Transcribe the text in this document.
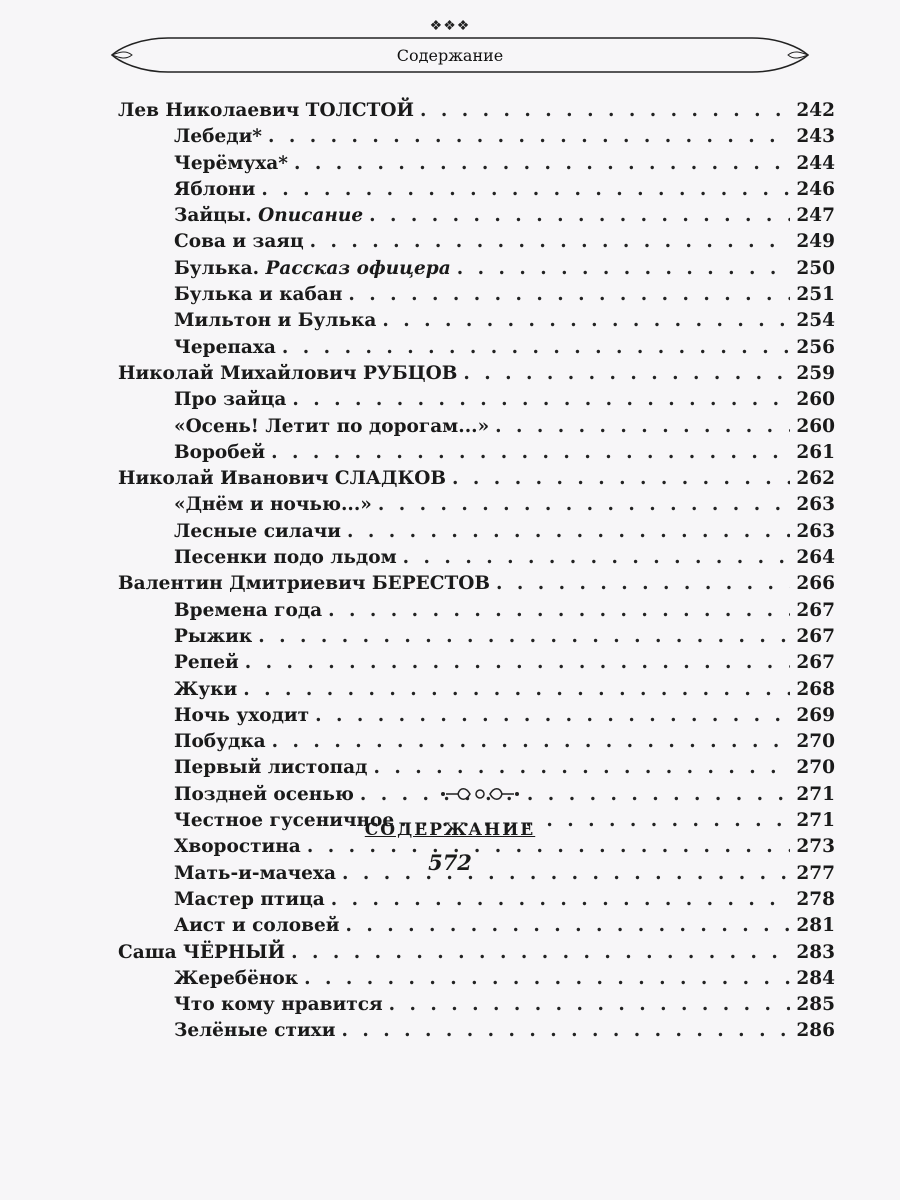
❖❖❖
Содержание
Лев Николаевич ТОЛСТОЙ . . .	242
Лебеди* . . .	243
Черёмуха* . . .	244
Яблони . . .	246
Зайцы. Описание . . .	247
Сова и заяц . . .	249
Булька. Рассказ офицера . . .	250
Булька и кабан . . .	251
Мильтон и Булька . . .	254
Черепаха . . .	256
Николай Михайлович РУБЦОВ . . .	259
Про зайца . . .	260
«Осень! Летит по дорогам...» . . .	260
Воробей . . .	261
Николай Иванович СЛАДКОВ . . .	262
«Днём и ночью...» . . .	263
Лесные силачи . . .	263
Песенки подо льдом . . .	264
Валентин Дмитриевич БЕРЕСТОВ . . .	266
Времена года . . .	267
Рыжик . . .	267
Репей . . .	267
Жуки . . .	268
Ночь уходит . . .	269
Побудка . . .	270
Первый листопад . . .	270
Поздней осенью . . .	271
Честное гусеничное . . .	271
Хворостина . . .	273
Мать-и-мачеха . . .	277
Мастер птица . . .	278
Аист и соловей . . .	281
Саша ЧЁРНЫЙ . . .	283
Жеребёнок . . .	284
Что кому нравится . . .	285
Зелёные стихи . . .	286
СОДЕРЖАНИЕ
572
